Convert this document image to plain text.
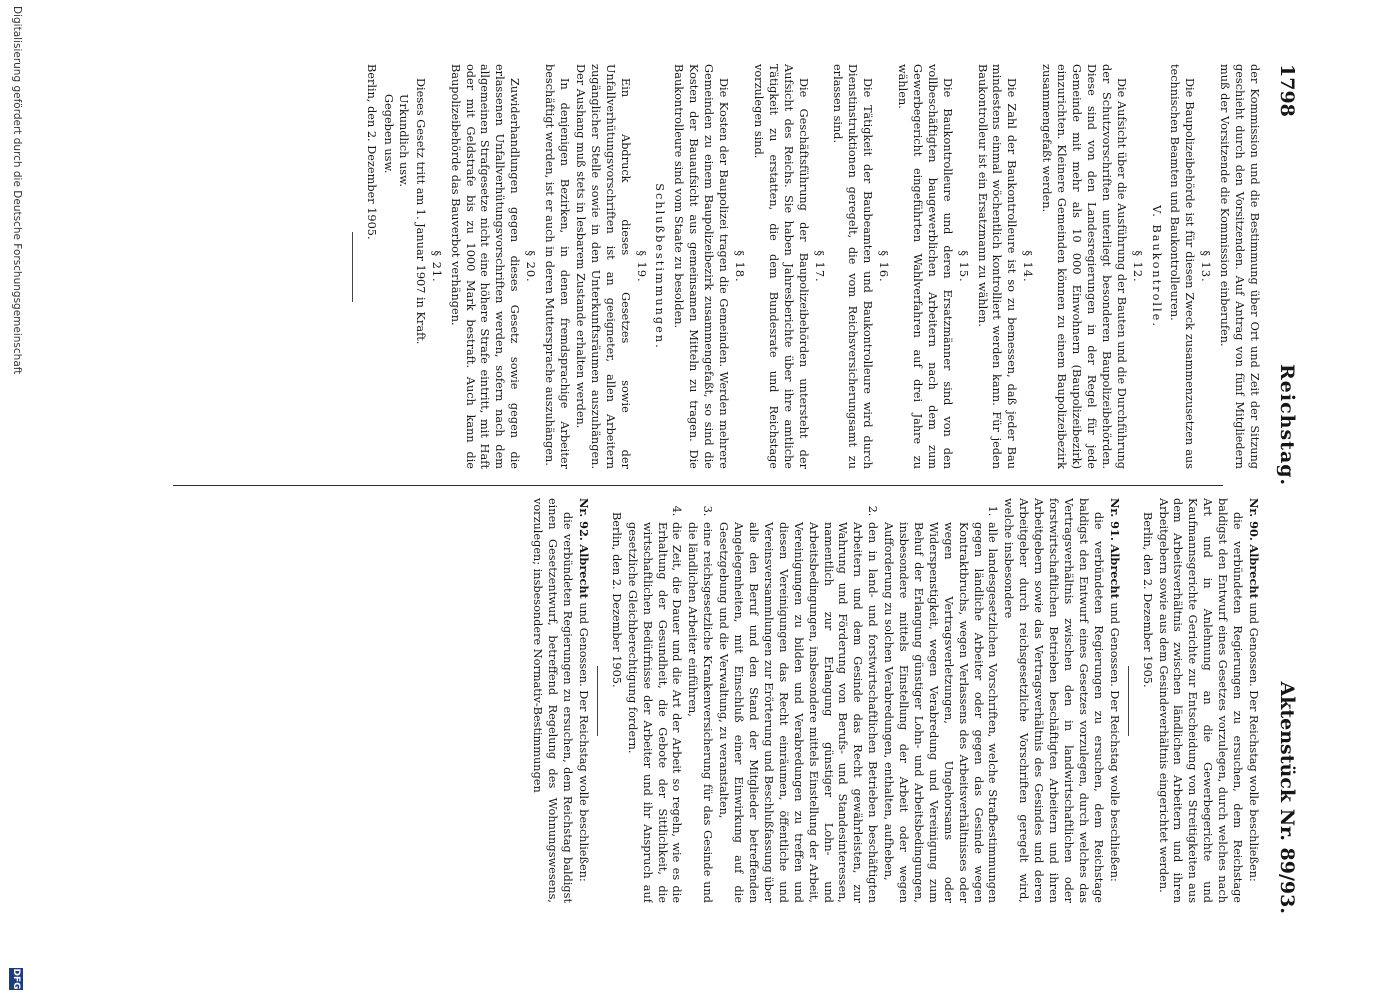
1798
Reichstag.
Aktenstück Nr. 89/93.

der Kommission und die Bestimmung über Ort und Zeit der Sitzung geschieht durch den Vorsitzenden. Auf Antrag von fünf Mitgliedern muß der Vorsitzende die Kommission einberufen.

§ 13.

Die Baupolizeibehörde ist für diesen Zweck zusammenzusetzen aus technischen Beamten und Baukontrolleuren.

V. Baukontrolle.
§ 12.

Die Aufsicht über die Ausführung der Bauten und die Durchführung der Schutzvorschriften unterliegt besonderen Baupolizeibehörden. Diese sind von den Landesregierungen in der Regel für jede Gemeinde mit mehr als 10 000 Einwohnern (Baupolizeibezirk) einzurichten. Kleinere Gemeinden können zu einem Baupolizeibezirk zusammengefaßt werden.

§ 14.

Die Zahl der Baukontrolleure ist so zu bemessen, daß jeder Bau mindestens einmal wöchentlich kontrolliert werden kann. Für jeden Baukontrolleur ist ein Ersatzmann zu wählen.

§ 15.

Die Baukontrolleure und deren Ersatzmänner sind von den vollbeschäftigten baugewerblichen Arbeitern nach dem zum Gewerbegericht eingeführten Wahlverfahren auf drei Jahre zu wählen.

§ 16.

Die Tätigkeit der Baubeamten und Baukontrolleure wird durch Dienstinstruktionen geregelt, die vom Reichsversicherungsamt zu erlassen sind.

§ 17.

Die Geschäftsführung der Baupolizeibehörden untersteht der Aufsicht des Reichs. Sie haben Jahresberichte über ihre amtliche Tätigkeit zu erstatten, die dem Bundesrate und Reichstage vorzulegen sind.

§ 18.

Die Kosten der Baupolizei tragen die Gemeinden. Werden mehrere Gemeinden zu einem Baupolizeibezirk zusammengefaßt, so sind die Kosten der Bauaufsicht aus gemeinsamen Mitteln zu tragen. Die Baukontrolleure sind vom Staate zu besolden.

Schlußbestimmungen.
§ 19.

Ein Abdruck dieses Gesetzes sowie der Unfallverhütungsvorschriften ist an geeigneter, allen Arbeitern zugänglicher Stelle sowie in den Unterkunftsräumen auszuhängen. Der Aushang muß stets in lesbarem Zustande erhalten werden.

In denjenigen Bezirken, in denen fremdsprachige Arbeiter beschäftigt werden, ist er auch in deren Muttersprache auszuhängen.

§ 20.

Zuwiderhandlungen gegen dieses Gesetz sowie gegen die erlassenen Unfallverhütungsvorschriften werden, sofern nach dem allgemeinen Strafgesetze nicht eine höhere Strafe eintritt, mit Haft oder mit Geldstrafe bis zu 1000 Mark bestraft. Auch kann die Baupolizeibehörde das Bauverbot verhängen.

§ 21.

Dieses Gesetz tritt am 1. Januar 1907 in Kraft.

Urkundlich usw.
Gegeben usw.

Berlin, den 2. Dezember 1905.

Nr. 90. Albrecht und Genossen. Der Reichstag wolle beschließen:

die verbündeten Regierungen zu ersuchen, dem Reichstage baldigst den Entwurf eines Gesetzes vorzulegen, durch welches nach Art und in Anlehnung an die Gewerbegerichte und Kaufmannsgerichte Gerichte zur Entscheidung von Streitigkeiten aus dem Arbeitsverhältnis zwischen ländlichen Arbeitern und ihren Arbeitgebern sowie aus dem Gesindeverhältnis eingerichtet werden.

Berlin, den 2. Dezember 1905.

Nr. 91. Albrecht und Genossen. Der Reichstag wolle beschließen:

die verbündeten Regierungen zu ersuchen, dem Reichstage baldigst den Entwurf eines Gesetzes vorzulegen, durch welches das Vertragsverhältnis zwischen den in landwirtschaftlichen oder forstwirtschaftlichen Betrieben beschäftigten Arbeitern und ihren Arbeitgebern sowie das Vertragsverhältnis des Gesindes und deren Arbeitgeber durch reichsgesetzliche Vorschriften geregelt wird, welche insbesondere

1. alle landesgesetzlichen Vorschriften, welche Strafbestimmungen gegen ländliche Arbeiter oder gegen das Gesinde wegen Kontraktbruchs, wegen Verlassens des Arbeitsverhältnisses oder wegen Vertragsverletzungen, Ungehorsams oder Widerspenstigkeit, wegen Verabredung und Vereinigung zum Behuf der Erlangung günstiger Lohn- und Arbeitsbedingungen, insbesondere mittels Einstellung der Arbeit oder wegen Aufforderung zu solchen Verabredungen, enthalten, aufheben,
2. den in land- und forstwirtschaftlichen Betrieben beschäftigten Arbeitern und dem Gesinde das Recht gewährleisten, zur Wahrung und Förderung von Berufs- und Standesinteressen, namentlich zur Erlangung günstiger Lohn- und Arbeitsbedingungen, insbesondere mittels Einstellung der Arbeit, Vereinigungen zu bilden und Verabredungen zu treffen und diesen Vereinigungen das Recht einräumen, öffentliche und Vereinsversammlungen zur Erörterung und Beschlußfassung über alle den Beruf und den Stand der Mitglieder betreffenden Angelegenheiten, mit Einschluß einer Einwirkung auf die Gesetzgebung und die Verwaltung, zu veranstalten,
3. eine reichsgesetzliche Krankenversicherung für das Gesinde und die ländlichen Arbeiter einführen,
4. die Zeit, die Dauer und die Art der Arbeit so regeln, wie es die Erhaltung der Gesundheit, die Gebote der Sittlichkeit, die wirtschaftlichen Bedürfnisse der Arbeiter und ihr Anspruch auf gesetzliche Gleichberechtigung fordern.

Berlin, den 2. Dezember 1905.

Nr. 92. Albrecht und Genossen. Der Reichstag wolle beschließen:

die verbündeten Regierungen zu ersuchen, dem Reichstag baldigst einen Gesetzentwurf, betreffend Regelung des Wohnungswesens, vorzulegen; insbesondere Normativ-Bestimmungen

Digitalisierung gefördert durch die Deutsche Forschungsgemeinschaft
DFG
